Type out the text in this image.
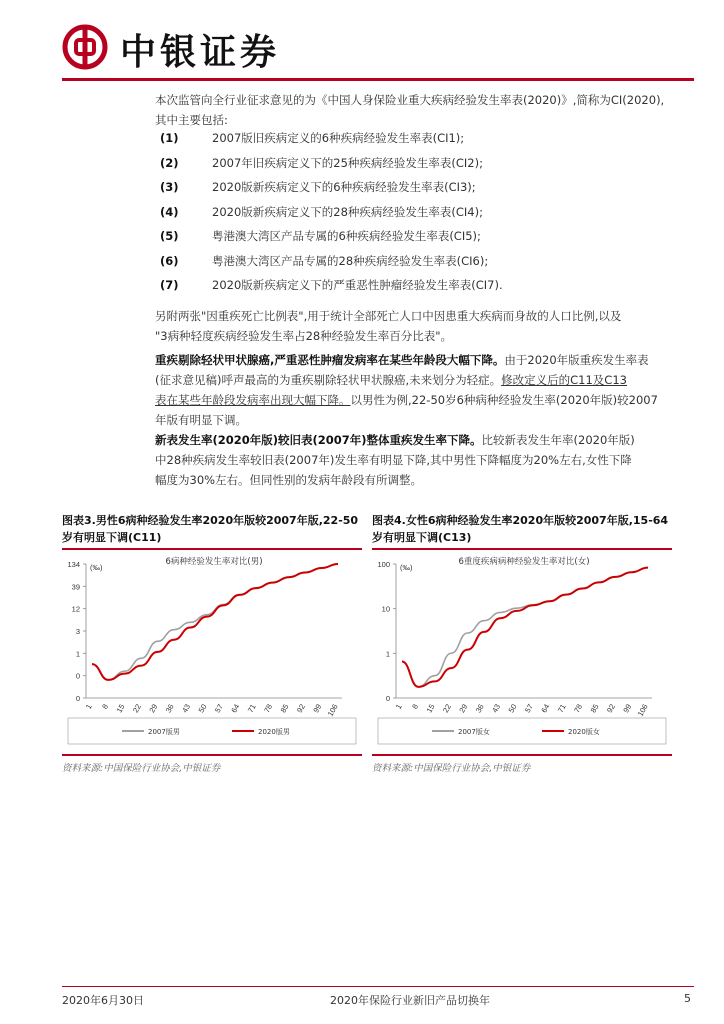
中银证券
本次监管向全行业征求意见的为《中国人身保险业重大疾病经验发生率表(2020)》,简称为CI(2020),
其中主要包括:
(1)	2007版旧疾病定义的6种疾病经验发生率表(CI1);
(2)	2007年旧疾病定义下的25种疾病经验发生率表(CI2);
(3)	2020版新疾病定义下的6种疾病经验发生率表(CI3);
(4)	2020版新疾病定义下的28种疾病经验发生率表(CI4);
(5)	粤港澳大湾区产品专属的6种疾病经验发生率表(CI5);
(6)	粤港澳大湾区产品专属的28种疾病经验发生率表(CI6);
(7)	2020版新疾病定义下的严重恶性肿瘤经验发生率表(CI7).
另附两张"因重疾死亡比例表",用于统计全部死亡人口中因患重大疾病而身故的人口比例,以及
"3病种轻度疾病经验发生率占28种经验发生率百分比表"。
重疾剔除轻状甲状腺癌,严重恶性肿瘤发病率在某些年龄段大幅下降。由于2020年版重疾发生率表
(征求意见稿)呼声最高的为重疾剔除轻状甲状腺癌,未来划分为轻症。修改定义后的C11及C13
表在某些年龄段发病率出现大幅下降。以男性为例,22-50岁6种病种经验发生率(2020年版)较2007
年版有明显下调。
新表发生率(2020年版)较旧表(2007年)整体重疾发生率下降。比较新表发生年率(2020年版)
中28种疾病发生率较旧表(2007年)发生率有明显下降,其中男性下降幅度为20%左右,女性下降
幅度为30%左右。但同性别的发病年龄段有所调整。
图表3.男性6病种经验发生率2020年版较2007年版,22-50
岁有明显下调(C11)
134
39
12
3
1
0
0
(‰)
6病种经验发生率对比(男)
1 8 15 22 29 36 43 50 57 64 71 78 85 92 99 106
2007版男	2020版男
资料来源:中国保险行业协会,中银证券
图表4.女性6病种经验发生率2020年版较2007年版,15-64
岁有明显下调(C13)
100
10
1
0
(‰)
6重度疾病病种经验发生率对比(女)
1 8 15 22 29 36 43 50 57 64 71 78 85 92 99 106
2007版女	2020版女
资料来源:中国保险行业协会,中银证券
2020年6月30日	2020年保险行业新旧产品切换年	5
